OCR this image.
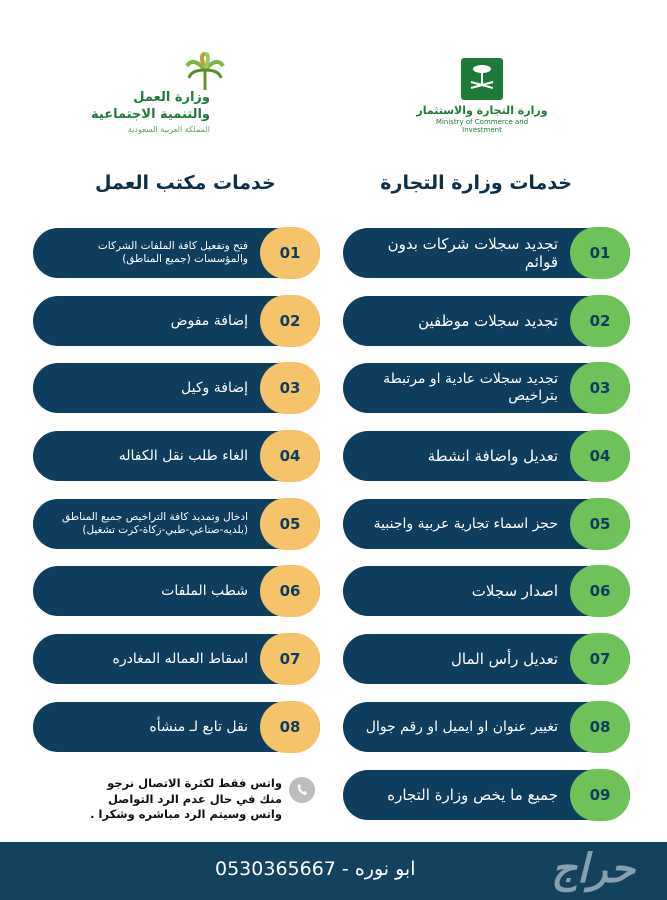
وزارة التجارة والاستثمار
Ministry of Commerce and Investment
وزارة العمل
والتنمية الاجتماعية
المملكة العربية السعودية
خدمات وزارة التجارة
خدمات مكتب العمل
01
تجديد سجلات شركات بدون قوائم
02
تجديد سجلات موظفين
03
تجديد سجلات عادية او مرتبطة بتراخيص
04
تعديل واضافة انشطة
05
حجز اسماء تجارية عربية واجنبية
06
اصدار سجلات
07
تعديل رأس المال
08
تغيير عنوان او ايميل او رقم جوال
09
جميع ما يخص وزارة التجاره
01
فتح وتفعيل كافة الملفات الشركات والمؤسسات (جميع المناطق)
02
إضافة مفوض
03
إضافة وكيل
04
الغاء طلب نقل الكفاله
05
ادخال وتمديد كافة التراخيص جميع المناطق (بلديه-صناعي-طبي-زكاة-كرت تشغيل)
06
شطب الملفات
07
اسقاط العماله المغادره
08
نقل تابع لـ منشأه
واتس فقط لكثرة الاتصال نرجو منك في حال عدم الرد التواصل واتس وسيتم الرد مباشره وشكرا .
0530365667 - ابو نوره	حراج
